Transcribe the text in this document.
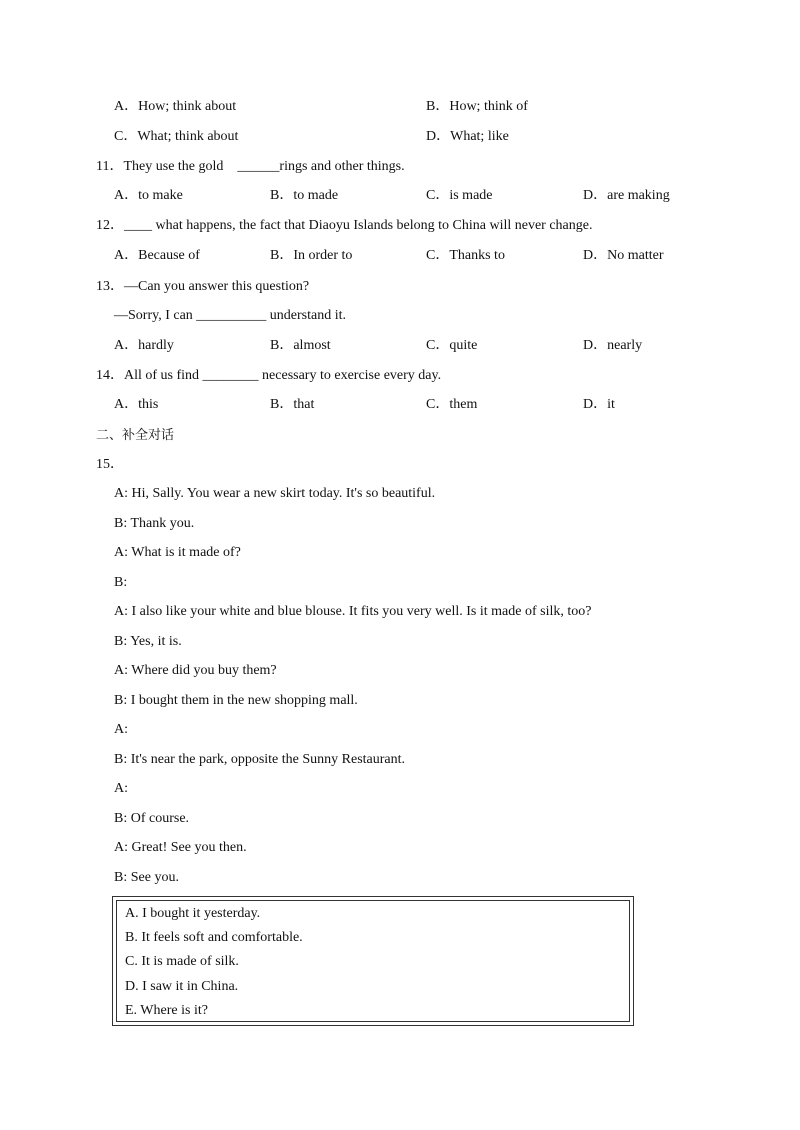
A．How; think about	B．How; think of
C．What; think about	D．What; like
11．They use the gold　______rings and other things.
A．to make	B．to made	C．is made	D．are making
12．____ what happens, the fact that Diaoyu Islands belong to China will never change.
A．Because of	B．In order to	C．Thanks to	D．No matter
13．—Can you answer this question?
—Sorry, I can __________ understand it.
A．hardly	B．almost	C．quite	D．nearly
14．All of us find ________ necessary to exercise every day.
A．this	B．that	C．them	D．it
二、补全对话
15．
A: Hi, Sally. You wear a new skirt today. It's so beautiful.
B: Thank you.
A: What is it made of?
B:
A: I also like your white and blue blouse. It fits you very well. Is it made of silk, too?
B: Yes, it is.
A: Where did you buy them?
B: I bought them in the new shopping mall.
A:
B: It's near the park, opposite the Sunny Restaurant.
A:
B: Of course.
A: Great! See you then.
B: See you.
A. I bought it yesterday.
B. It feels soft and comfortable.
C. It is made of silk.
D. I saw it in China.
E. Where is it?
